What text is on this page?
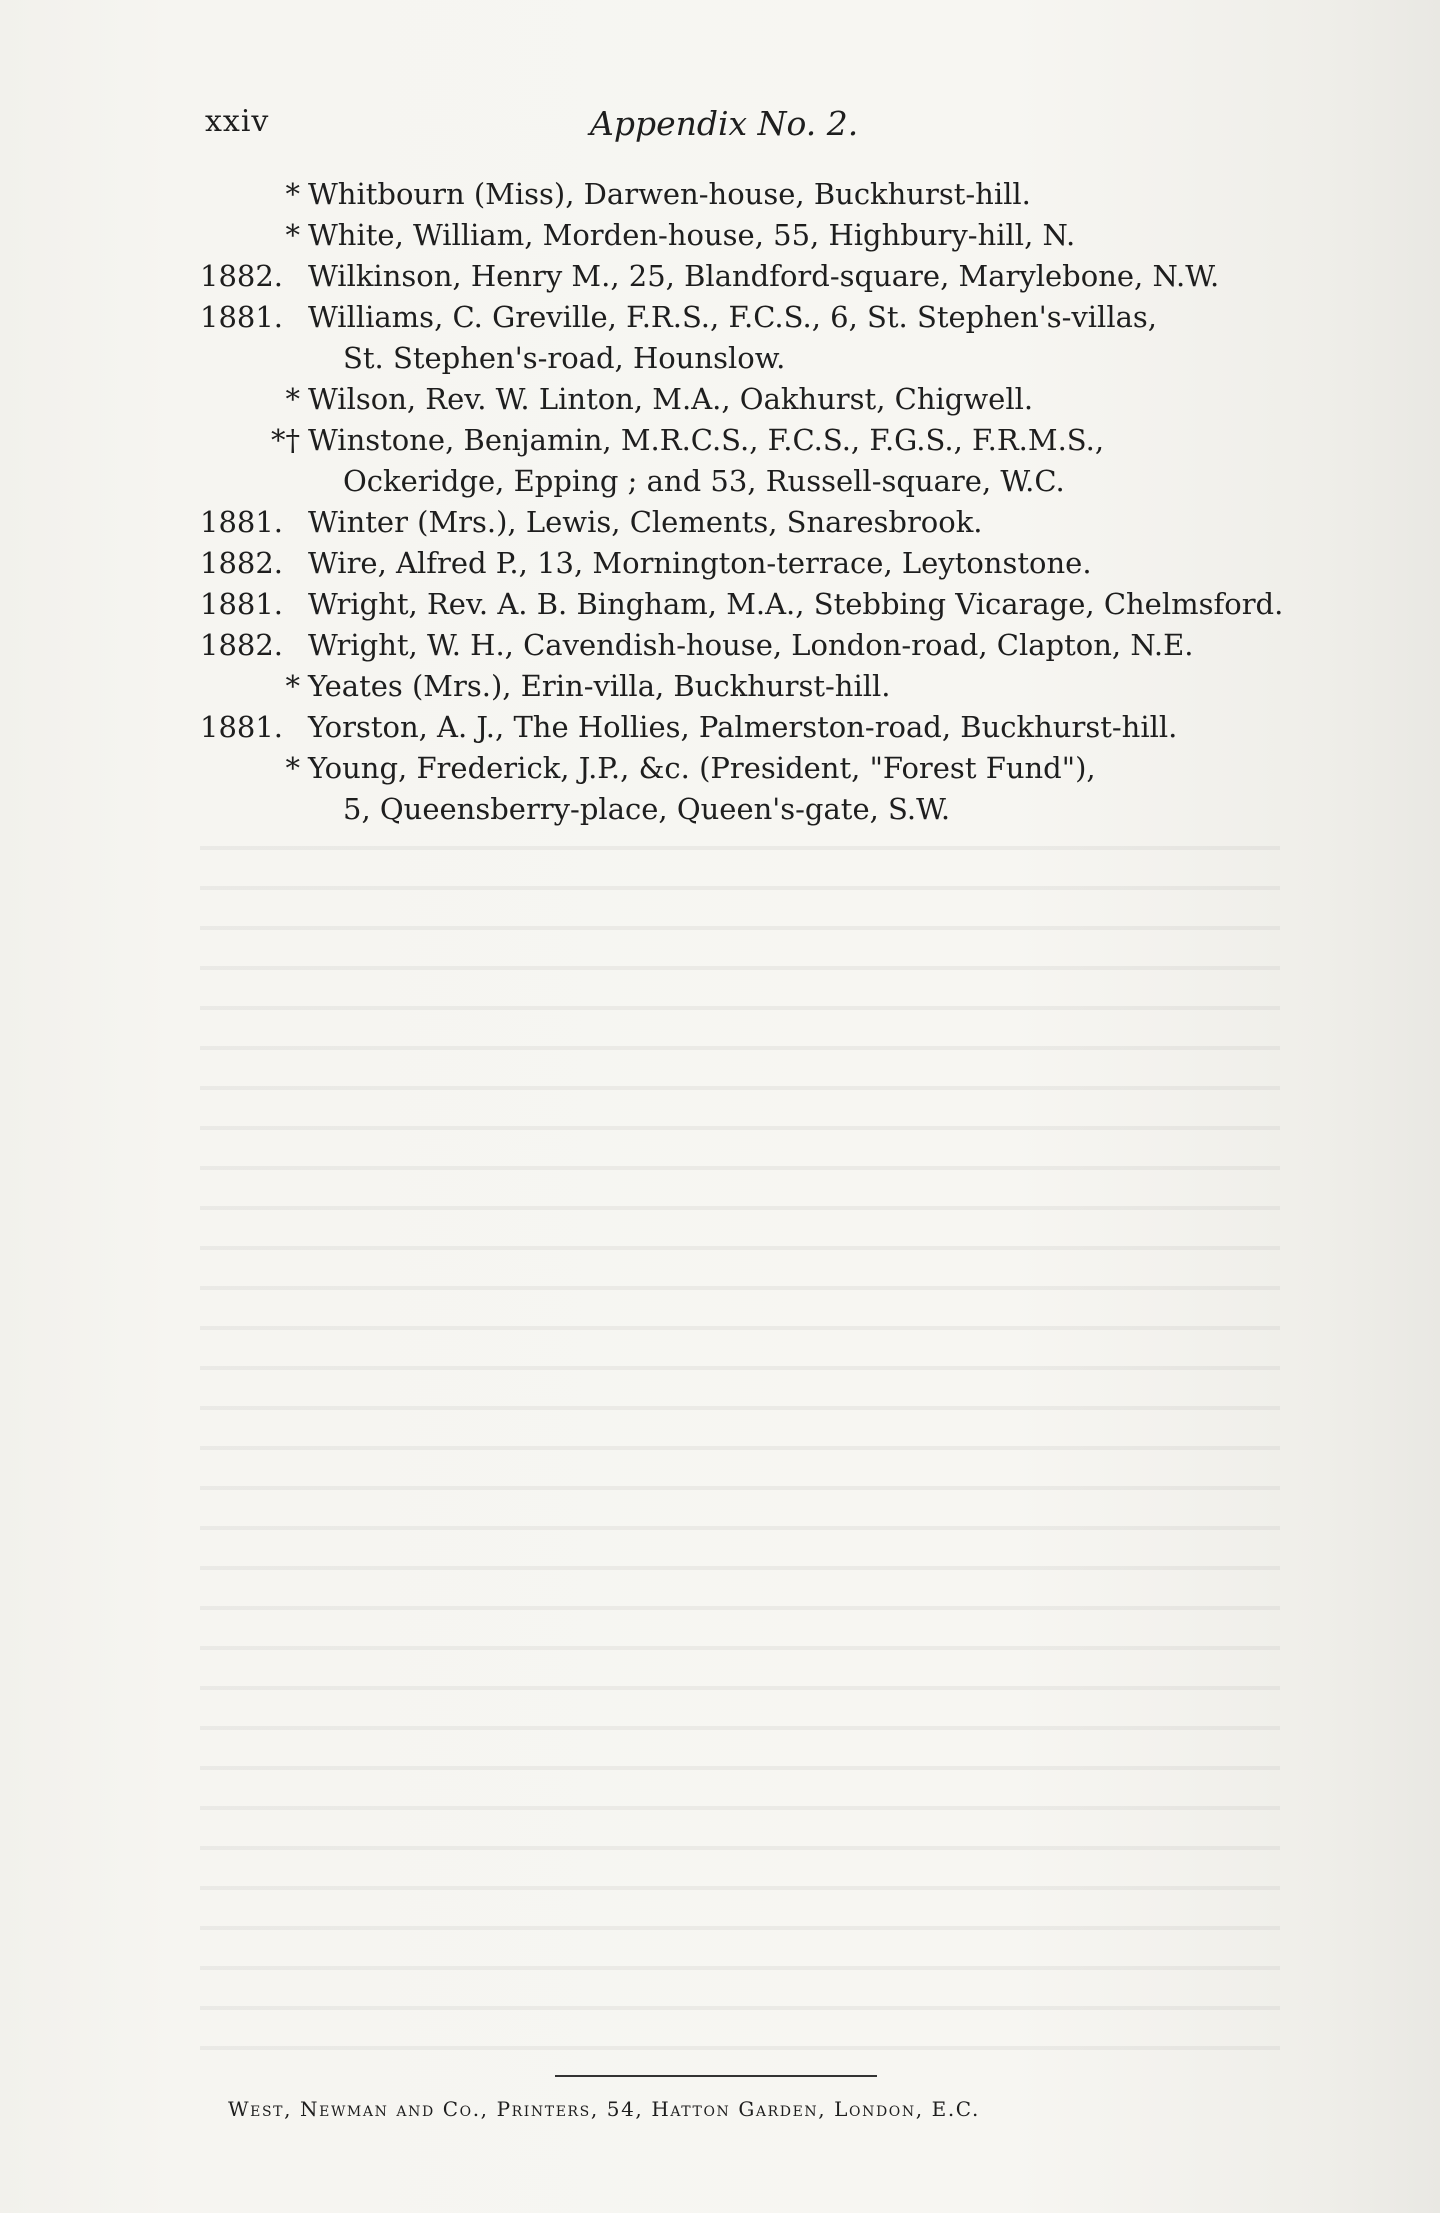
xxiv	Appendix No. 2.
* Whitbourn (Miss), Darwen-house, Buckhurst-hill.
* White, William, Morden-house, 55, Highbury-hill, N.
1882. Wilkinson, Henry M., 25, Blandford-square, Marylebone, N.W.
1881. Williams, C. Greville, F.R.S., F.C.S., 6, St. Stephen's-villas,
St. Stephen's-road, Hounslow.
* Wilson, Rev. W. Linton, M.A., Oakhurst, Chigwell.
*† Winstone, Benjamin, M.R.C.S., F.C.S., F.G.S., F.R.M.S.,
Ockeridge, Epping ; and 53, Russell-square, W.C.
1881. Winter (Mrs.), Lewis, Clements, Snaresbrook.
1882. Wire, Alfred P., 13, Mornington-terrace, Leytonstone.
1881. Wright, Rev. A. B. Bingham, M.A., Stebbing Vicarage, Chelmsford.
1882. Wright, W. H., Cavendish-house, London-road, Clapton, N.E.
* Yeates (Mrs.), Erin-villa, Buckhurst-hill.
1881. Yorston, A. J., The Hollies, Palmerston-road, Buckhurst-hill.
* Young, Frederick, J.P., &c. (President, "Forest Fund"),
5, Queensberry-place, Queen's-gate, S.W.
West, Newman and Co., Printers, 54, Hatton Garden, London, E.C.
